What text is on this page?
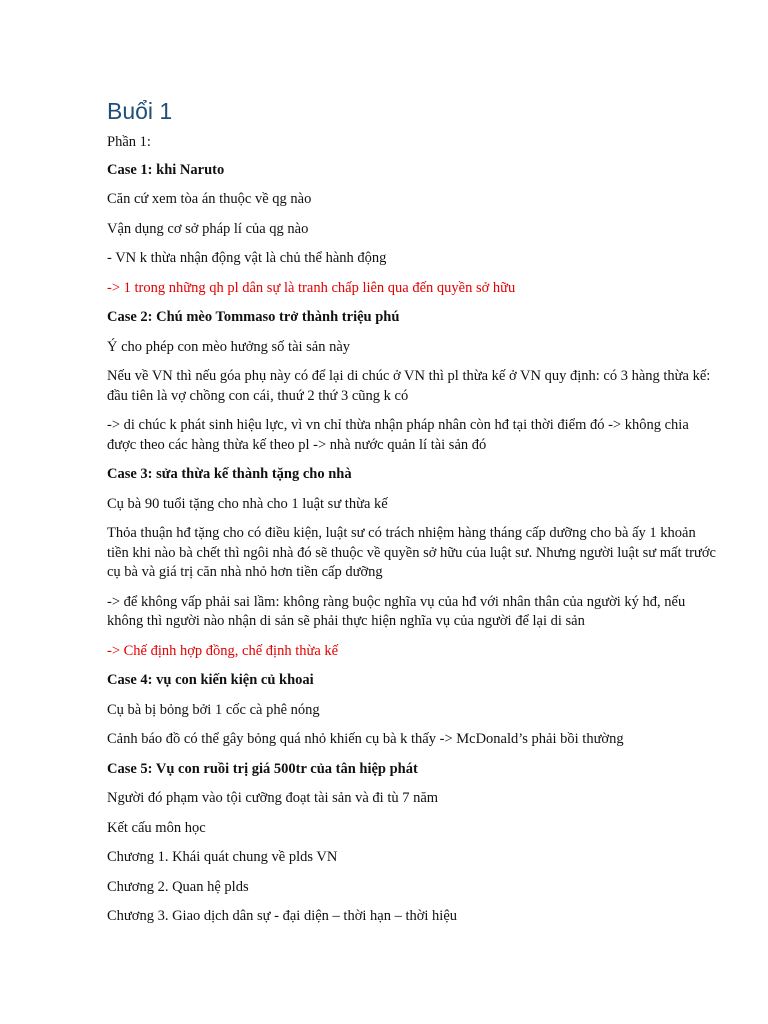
Buổi 1

Phần 1:

Case 1: khi Naruto

Căn cứ xem tòa án thuộc về qg nào

Vận dụng cơ sở pháp lí của qg nào

- VN k thừa nhận động vật là chủ thể hành động

-> 1 trong những qh pl dân sự là tranh chấp liên qua đến quyền sở hữu

Case 2: Chú mèo Tommaso trở thành triệu phú

Ý cho phép con mèo hưởng số tài sản này

Nếu về VN thì nếu góa phụ này có để lại di chúc ở VN thì pl thừa kế ở VN quy định: có 3 hàng thừa kế: đầu tiên là vợ chồng con cái, thuứ 2 thứ 3 cũng k có

-> di chúc k phát sinh hiệu lực, vì vn chỉ thừa nhận pháp nhân còn hđ tại thời điểm đó -> không chia được theo các hàng thừa kế theo pl -> nhà nước quản lí tài sản đó

Case 3: sửa thừa kế thành tặng cho nhà

Cụ bà 90 tuổi tặng cho nhà cho 1 luật sư thừa kế

Thỏa thuận hđ tặng cho có điều kiện, luật sư có trách nhiệm hàng tháng cấp dưỡng cho bà ấy 1 khoản tiền khi nào bà chết thì ngôi nhà đó sẽ thuộc về quyền sở hữu của luật sư. Nhưng người luật sư mất trước cụ bà và giá trị căn nhà nhỏ hơn tiền cấp dưỡng

-> để không vấp phải sai lầm: không ràng buộc nghĩa vụ của hđ với nhân thân của người ký hđ, nếu không thì người nào nhận di sản sẽ phải thực hiện nghĩa vụ của người để lại di sản

-> Chế định hợp đồng, chế định thừa kế

Case 4: vụ con kiến kiện củ khoai

Cụ bà bị bỏng bởi 1 cốc cà phê nóng

Cảnh báo đồ có thể gây bỏng quá nhỏ khiến cụ bà k thấy -> McDonald’s phải bồi thường

Case 5: Vụ con ruồi trị giá 500tr của tân hiệp phát

Người đó phạm vào tội cưỡng đoạt tài sản và đi tù 7 năm

Kết cấu môn học

Chương 1. Khái quát chung về plds VN

Chương 2. Quan hệ plds

Chương 3. Giao dịch dân sự - đại diện – thời hạn – thời hiệu
